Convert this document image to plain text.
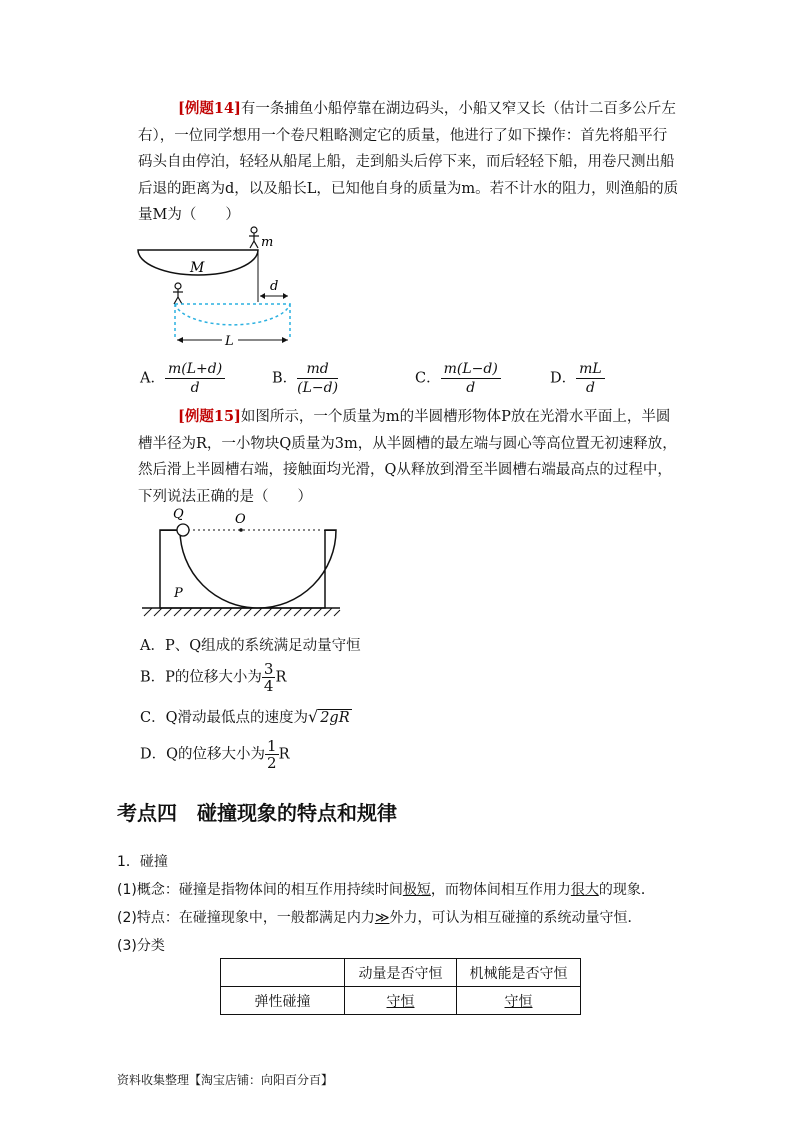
[例题14]有一条捕鱼小船停靠在湖边码头，小船又窄又长（估计二百多公斤左右），一位同学想用一个卷尺粗略测定它的质量，他进行了如下操作：首先将船平行码头自由停泊，轻轻从船尾上船，走到船头后停下来，而后轻轻下船，用卷尺测出船后退的距离为d，以及船长L，已知他自身的质量为m。若不计水的阻力，则渔船的质量M为（　　）
M
m
d
L
A． $\frac{m(L+d)}{d}$	B． $\frac{md}{(L-d)}$	C． $\frac{m(L-d)}{d}$	D． $\frac{mL}{d}$
[例题15]如图所示，一个质量为m的半圆槽形物体P放在光滑水平面上，半圆槽半径为R，一小物块Q质量为3m，从半圆槽的最左端与圆心等高位置无初速释放，然后滑上半圆槽右端，接触面均光滑，Q从释放到滑至半圆槽右端最高点的过程中，下列说法正确的是（　　）
Q	O
P
A．P、Q组成的系统满足动量守恒
B．P的位移大小为 $\frac{3}{4}$ R
C．Q滑动最低点的速度为√ 2gR
D．Q的位移大小为 $\frac{1}{2}$ R
考点四　碰撞现象的特点和规律
1．碰撞
(1)概念：碰撞是指物体间的相互作用持续时间极短，而物体间相互作用力很大的现象．
(2)特点：在碰撞现象中，一般都满足内力≫外力，可认为相互碰撞的系统动量守恒．
(3)分类
	动量是否守恒	机械能是否守恒
弹性碰撞	守恒	守恒
资料收集整理【淘宝店铺：向阳百分百】
